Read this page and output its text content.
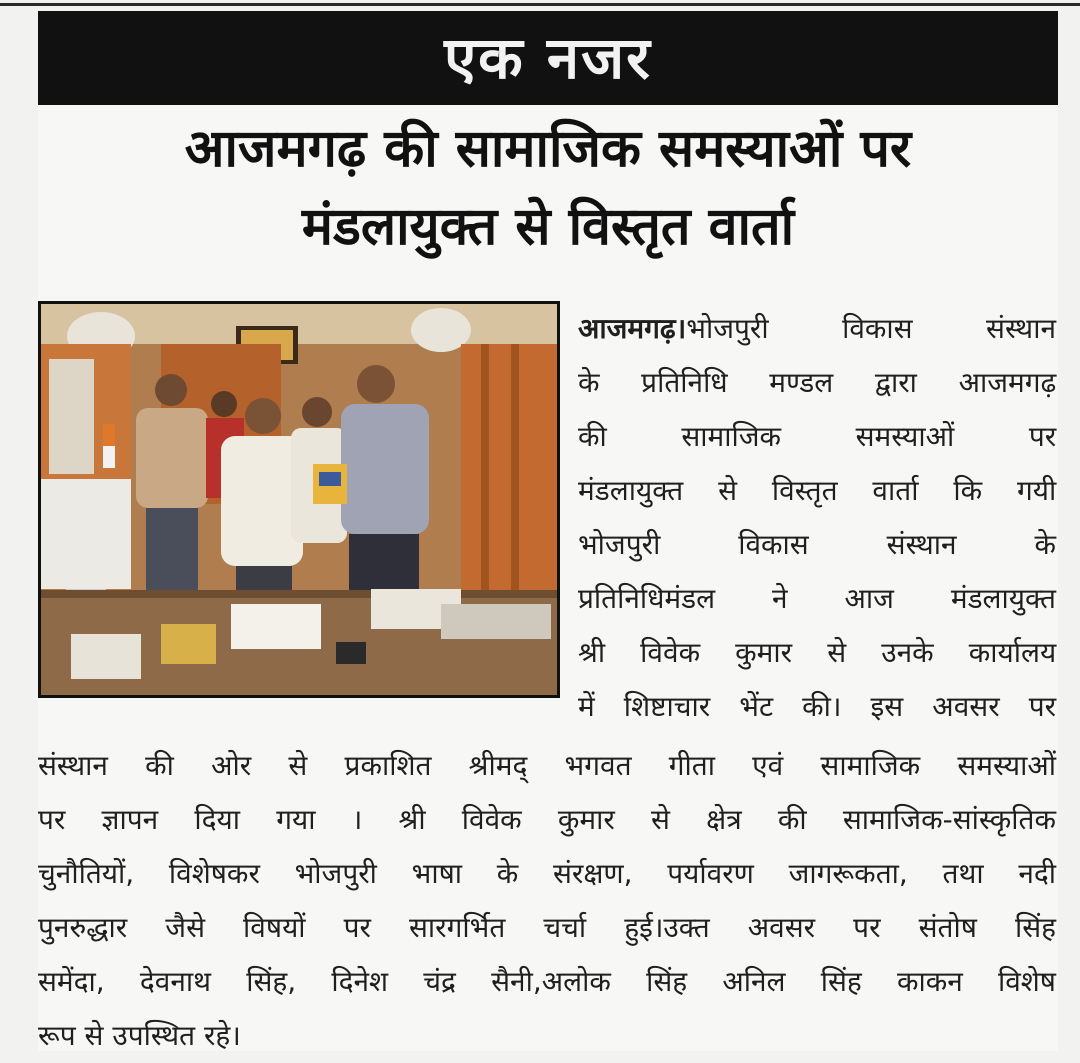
एक नजर
आजमगढ़ की सामाजिक समस्याओं पर
मंडलायुक्त से विस्तृत वार्ता
आजमगढ़।भोजपुरी विकास संस्थान
के प्रतिनिधि मण्डल द्वारा आजमगढ़
की सामाजिक समस्याओं पर
मंडलायुक्त से विस्तृत वार्ता कि गयी
भोजपुरी विकास संस्थान के
प्रतिनिधिमंडल ने आज मंडलायुक्त
श्री विवेक कुमार से उनके कार्यालय
में शिष्टाचार भेंट की। इस अवसर पर
संस्थान की ओर से प्रकाशित श्रीमद् भगवत गीता एवं सामाजिक समस्याओं
पर ज्ञापन दिया गया । श्री विवेक कुमार से क्षेत्र की सामाजिक-सांस्कृतिक
चुनौतियों, विशेषकर भोजपुरी भाषा के संरक्षण, पर्यावरण जागरूकता, तथा नदी
पुनरुद्धार जैसे विषयों पर सारगर्भित चर्चा हुई।उक्त अवसर पर संतोष सिंह
समेंदा, देवनाथ सिंह, दिनेश चंद्र सैनी,अलोक सिंह अनिल सिंह काकन विशेष
रूप से उपस्थित रहे।
